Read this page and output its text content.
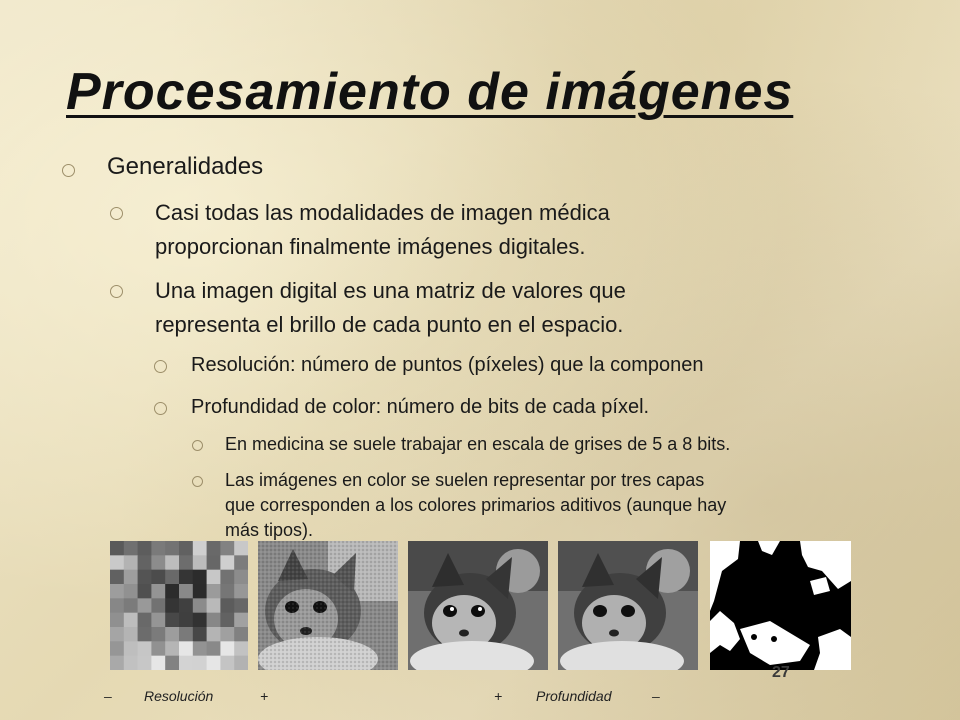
Procesamiento de imágenes
Generalidades
Casi todas las modalidades de imagen médica
proporcionan finalmente imágenes digitales.
Una imagen digital es una matriz de valores que
representa el brillo de cada punto en el espacio.
Resolución: número de puntos (píxeles) que la componen
Profundidad de color: número de bits de cada píxel.
En medicina se suele trabajar en escala de grises de 5 a 8 bits.
Las imágenes en color se suelen representar por tres capas
que corresponden a los colores primarios aditivos (aunque hay
más tipos).
27
– Resolución	+	+ Profundidad	–
